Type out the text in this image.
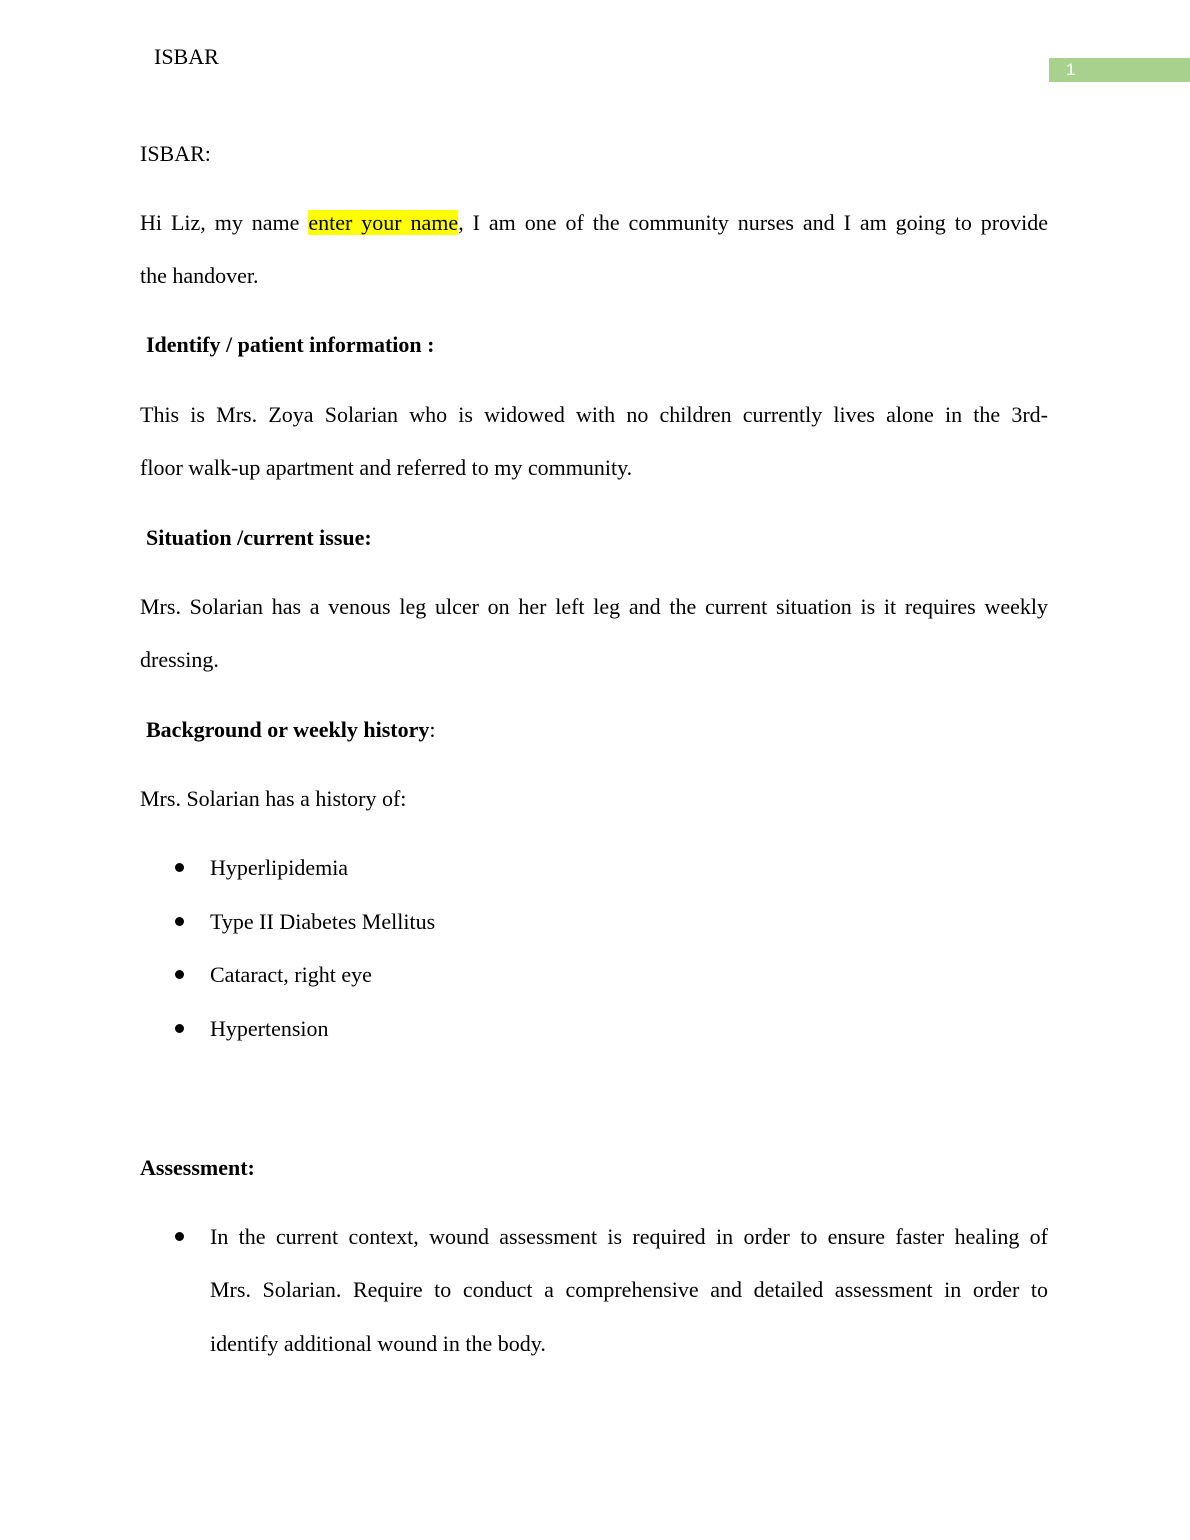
ISBAR
1
ISBAR:
Hi Liz, my name enter your name, I am one of the community nurses and I am going to provide
the handover.
Identify / patient information :
This is Mrs. Zoya Solarian who is widowed with no children currently lives alone in the 3rd-
floor walk-up apartment and referred to my community.
Situation /current issue:
Mrs. Solarian has a venous leg ulcer on her left leg and the current situation is it requires weekly
dressing.
Background or weekly history:
Mrs. Solarian has a history of:
Hyperlipidemia
Type II Diabetes Mellitus
Cataract, right eye
Hypertension
Assessment:
In the current context, wound assessment is required in order to ensure faster healing of
Mrs. Solarian. Require to conduct a comprehensive and detailed assessment in order to
identify additional wound in the body.
